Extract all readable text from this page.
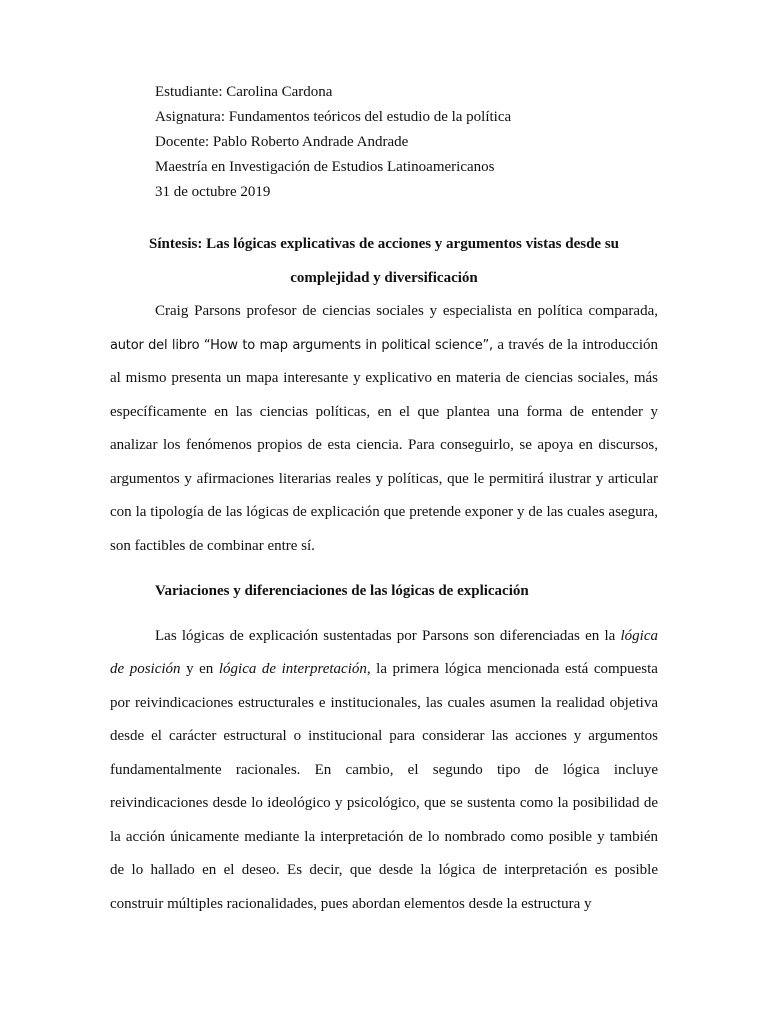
Estudiante: Carolina Cardona
Asignatura: Fundamentos teóricos del estudio de la política
Docente: Pablo Roberto Andrade Andrade
Maestría en Investigación de Estudios Latinoamericanos
31 de octubre 2019
Síntesis: Las lógicas explicativas de acciones y argumentos vistas desde su
complejidad y diversificación

Craig Parsons profesor de ciencias sociales y especialista en política comparada, autor del libro “How to map arguments in political science”, a través de la introducción al mismo presenta un mapa interesante y explicativo en materia de ciencias sociales, más específicamente en las ciencias políticas, en el que plantea una forma de entender y analizar los fenómenos propios de esta ciencia. Para conseguirlo, se apoya en discursos, argumentos y afirmaciones literarias reales y políticas, que le permitirá ilustrar y articular con la tipología de las lógicas de explicación que pretende exponer y de las cuales asegura, son factibles de combinar entre sí.

Variaciones y diferenciaciones de las lógicas de explicación

Las lógicas de explicación sustentadas por Parsons son diferenciadas en la lógica de posición y en lógica de interpretación, la primera lógica mencionada está compuesta por reivindicaciones estructurales e institucionales, las cuales asumen la realidad objetiva desde el carácter estructural o institucional para considerar las acciones y argumentos fundamentalmente racionales. En cambio, el segundo tipo de lógica incluye reivindicaciones desde lo ideológico y psicológico, que se sustenta como la posibilidad de la acción únicamente mediante la interpretación de lo nombrado como posible y también de lo hallado en el deseo. Es decir, que desde la lógica de interpretación es posible construir múltiples racionalidades, pues abordan elementos desde la estructura y
